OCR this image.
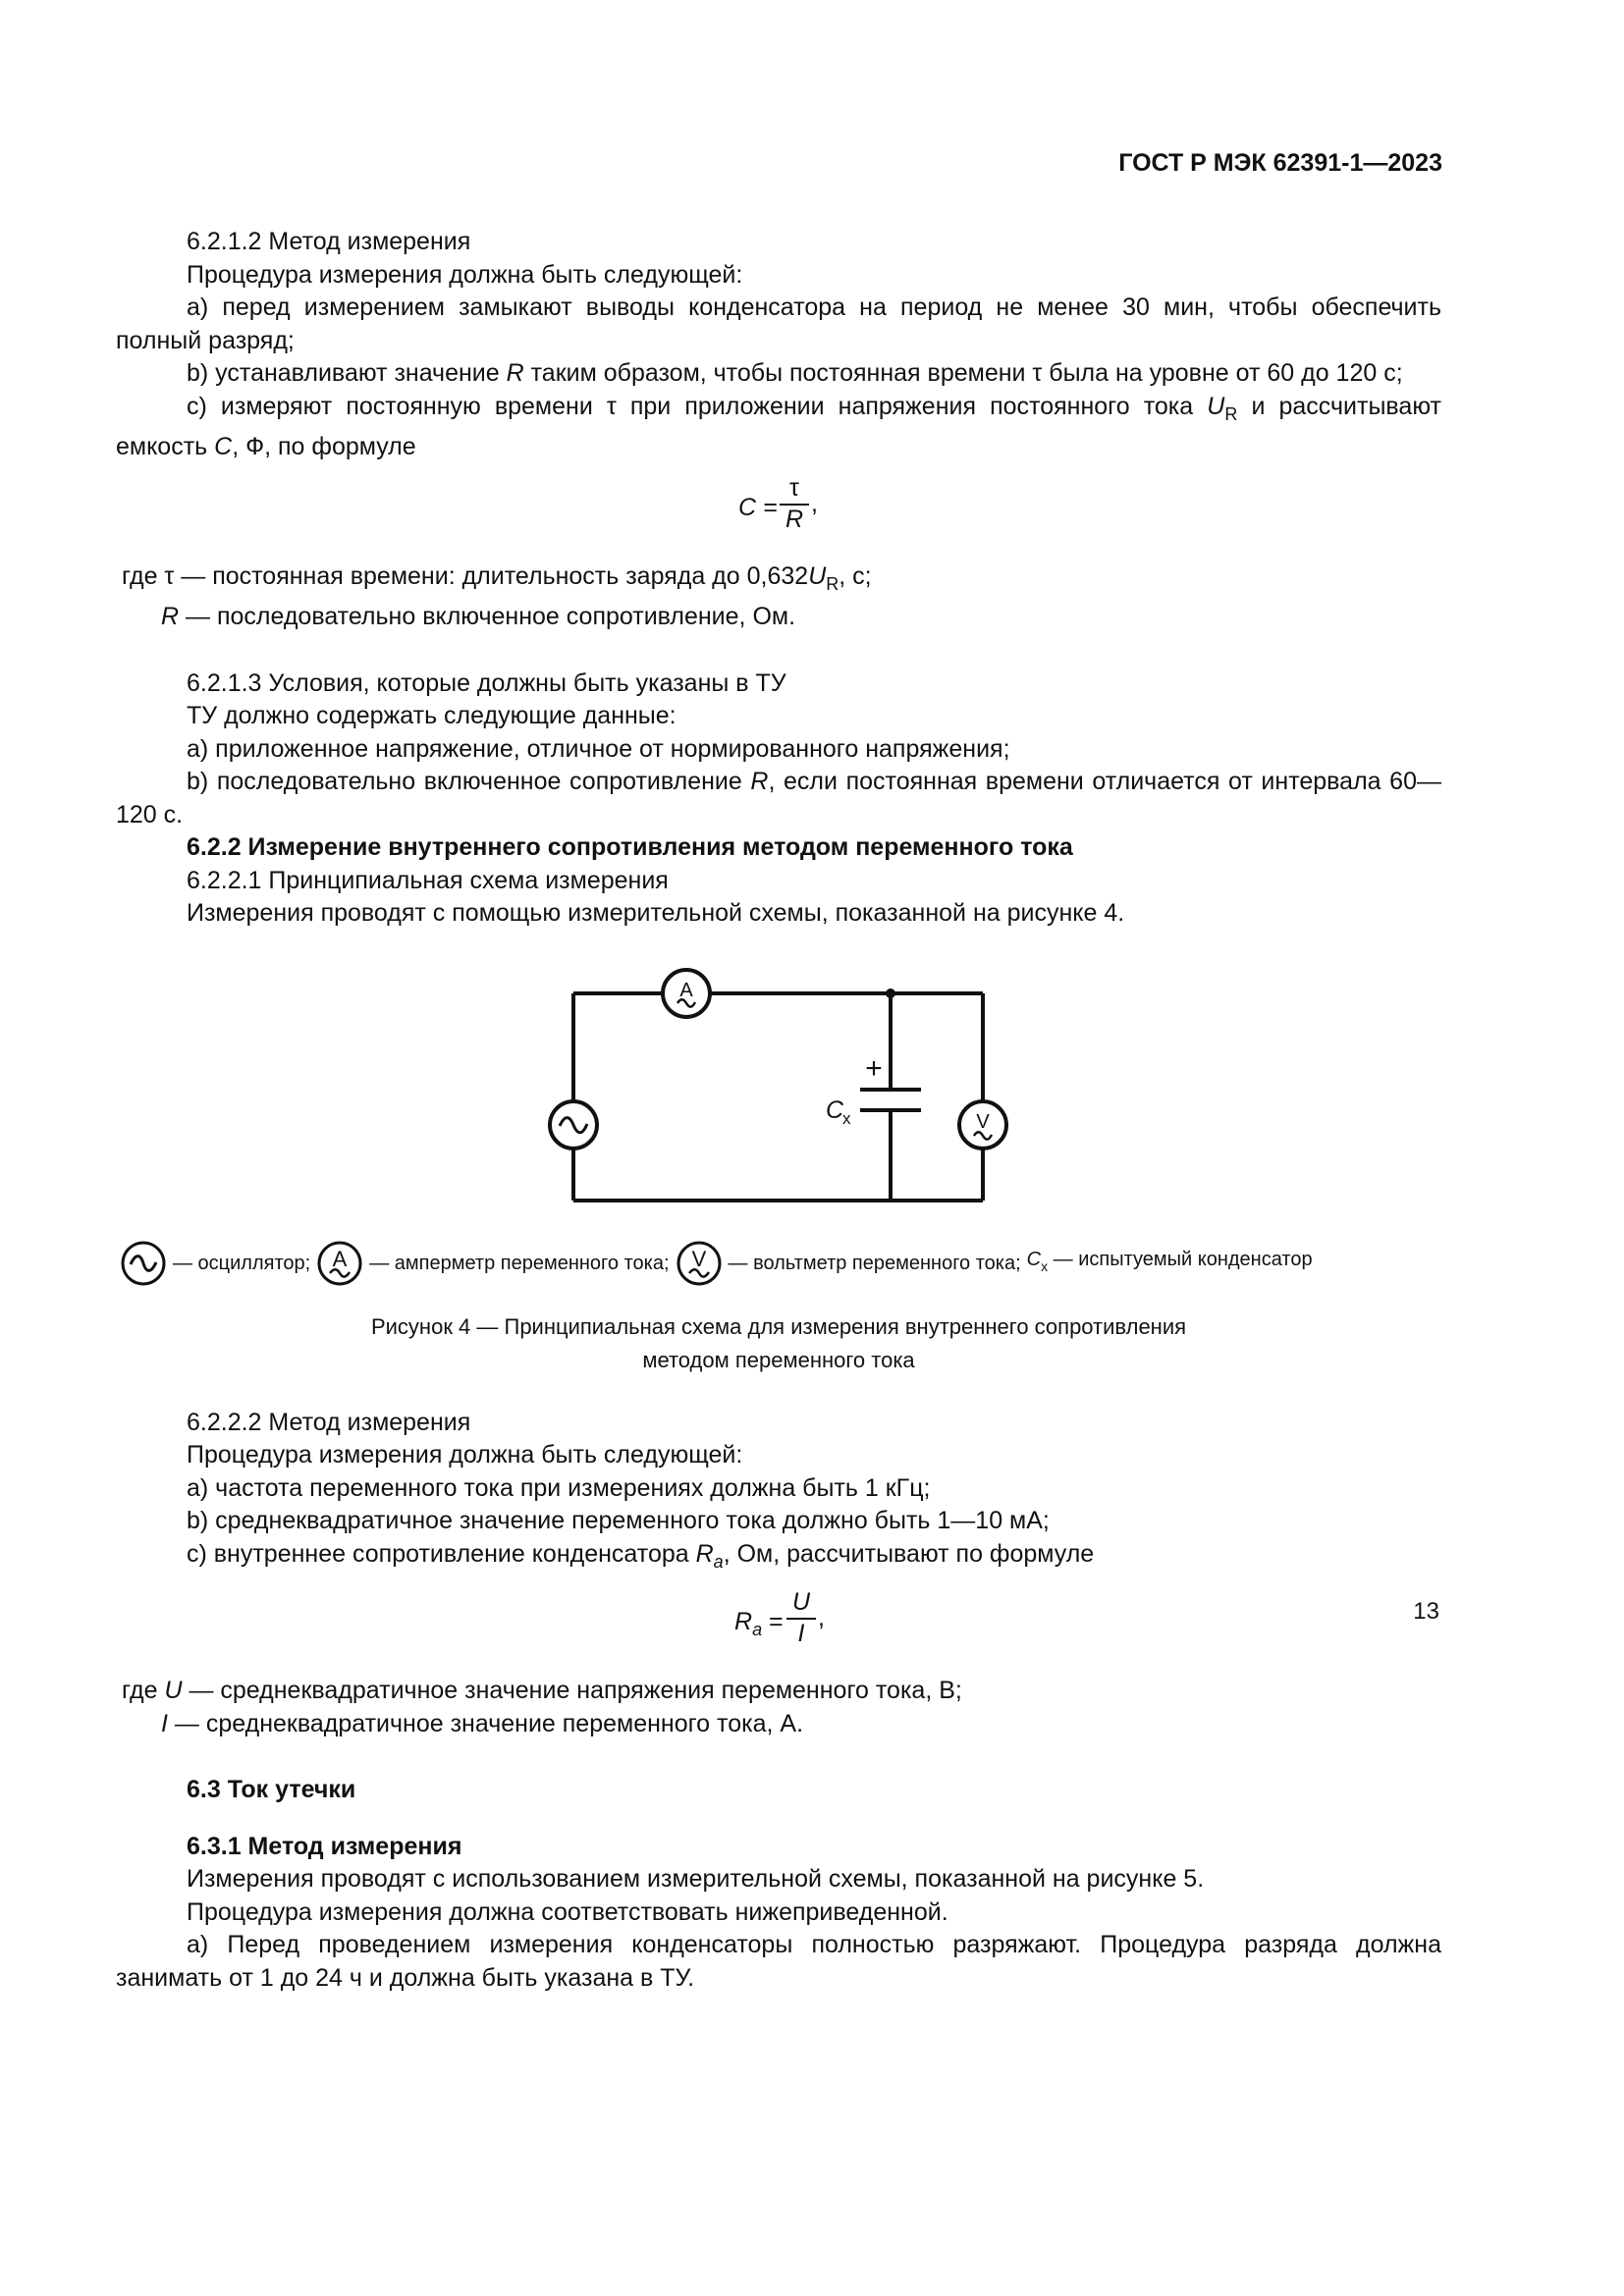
ГОСТ Р МЭК 62391-1—2023

6.2.1.2 Метод измерения

Процедура измерения должна быть следующей:

а) перед измерением замыкают выводы конденсатора на период не менее 30 мин, чтобы обеспечить полный разряд;

b) устанавливают значение R таким образом, чтобы постоянная времени τ была на уровне от 60 до 120 с;

с) измеряют постоянную времени τ при приложении напряжения постоянного тока $U_R$ и рассчитывают емкость С, Ф, по формуле

$C = \frac{\tau}{R}$ ,

где τ — постоянная времени: длительность заряда до $0,632U_R$, с;

R — последовательно включенное сопротивление, Ом.

6.2.1.3 Условия, которые должны быть указаны в ТУ

ТУ должно содержать следующие данные:

а) приложенное напряжение, отличное от нормированного напряжения;

b) последовательно включенное сопротивление R, если постоянная времени отличается от интервала 60—120 с.

6.2.2 Измерение внутреннего сопротивления методом переменного тока

6.2.2.1 Принципиальная схема измерения

Измерения проводят с помощью измерительной схемы, показанной на рисунке 4.

A
V
+
C
x
— осциллятор; A — амперметр переменного тока; V — вольтметр переменного тока; $C_x$ — испытуемый конденсатор
Рисунок 4 — Принципиальная схема для измерения внутреннего сопротивления
методом переменного тока

6.2.2.2 Метод измерения

Процедура измерения должна быть следующей:

а) частота переменного тока при измерениях должна быть 1 кГц;

b) среднеквадратичное значение переменного тока должно быть 1—10 мА;

с) внутреннее сопротивление конденсатора $R_a$, Ом, рассчитывают по формуле

$R_a = \frac{U}{I}$ ,

где U — среднеквадратичное значение напряжения переменного тока, В;

I — среднеквадратичное значение переменного тока, А.

6.3 Ток утечки

6.3.1 Метод измерения

Измерения проводят с использованием измерительной схемы, показанной на рисунке 5.

Процедура измерения должна соответствовать нижеприведенной.

а) Перед проведением измерения конденсаторы полностью разряжают. Процедура разряда должна занимать от 1 до 24 ч и должна быть указана в ТУ.

13
